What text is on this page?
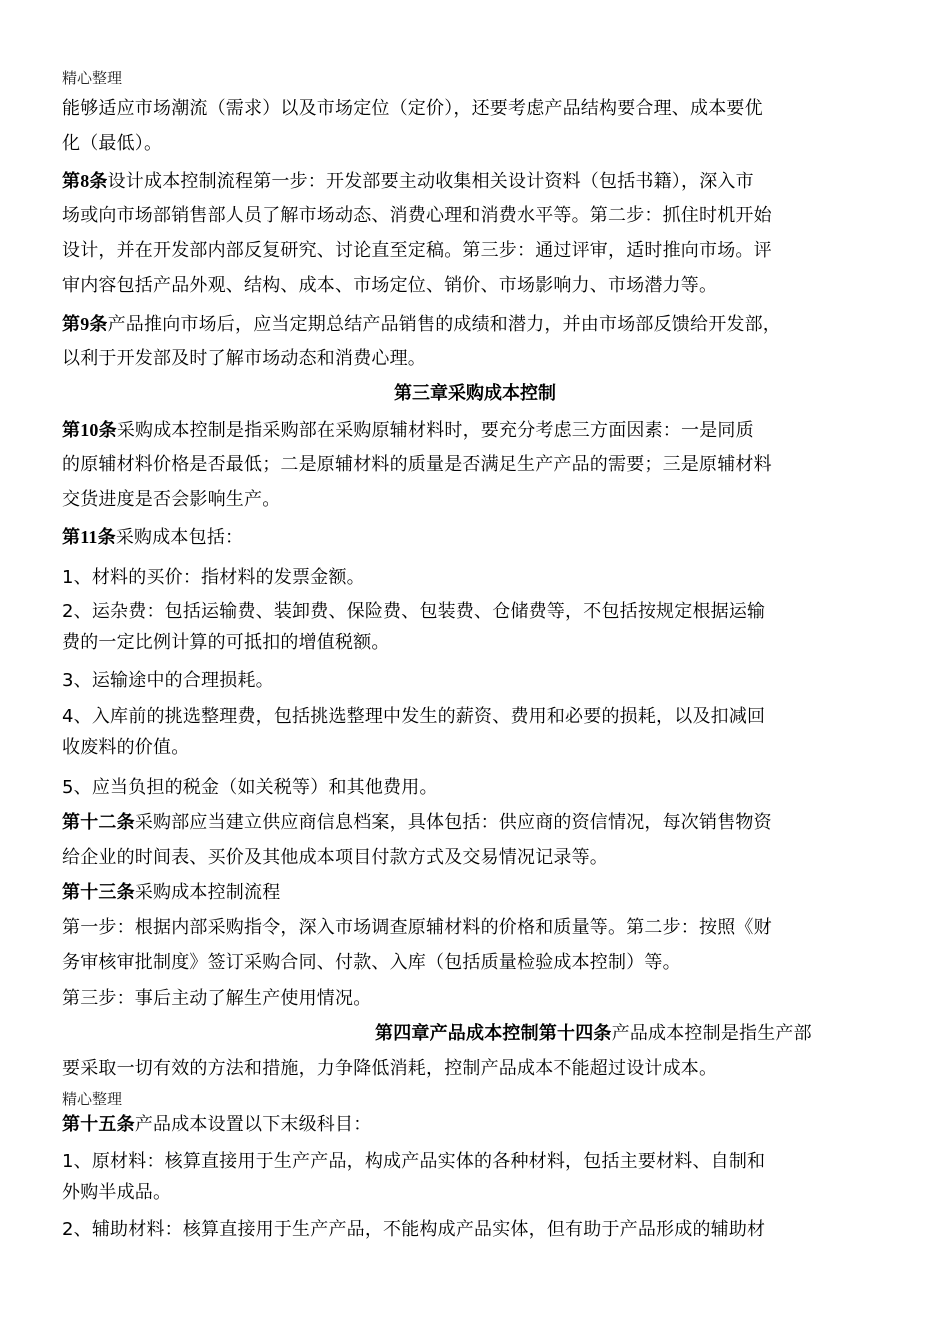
精心整理
能够适应市场潮流（需求）以及市场定位（定价），还要考虑产品结构要合理、成本要优
化（最低）。
第8条设计成本控制流程第一步：开发部要主动收集相关设计资料（包括书籍），深入市
场或向市场部销售部人员了解市场动态、消费心理和消费水平等。第二步：抓住时机开始
设计，并在开发部内部反复研究、讨论直至定稿。第三步：通过评审，适时推向市场。评
审内容包括产品外观、结构、成本、市场定位、销价、市场影响力、市场潜力等。
第9条产品推向市场后，应当定期总结产品销售的成绩和潜力，并由市场部反馈给开发部，
以利于开发部及时了解市场动态和消费心理。
第三章采购成本控制
第10条采购成本控制是指采购部在采购原辅材料时，要充分考虑三方面因素：一是同质
的原辅材料价格是否最低；二是原辅材料的质量是否满足生产产品的需要；三是原辅材料
交货进度是否会影响生产。
第11条采购成本包括：
1、材料的买价：指材料的发票金额。
2、运杂费：包括运输费、装卸费、保险费、包装费、仓储费等，不包括按规定根据运输
费的一定比例计算的可抵扣的增值税额。
3、运输途中的合理损耗。
4、入库前的挑选整理费，包括挑选整理中发生的薪资、费用和必要的损耗，以及扣减回
收废料的价值。
5、应当负担的税金（如关税等）和其他费用。
第十二条采购部应当建立供应商信息档案，具体包括：供应商的资信情况，每次销售物资
给企业的时间表、买价及其他成本项目付款方式及交易情况记录等。
第十三条采购成本控制流程
第一步：根据内部采购指令，深入市场调查原辅材料的价格和质量等。第二步：按照《财
务审核审批制度》签订采购合同、付款、入库（包括质量检验成本控制）等。
第三步：事后主动了解生产使用情况。
第四章产品成本控制第十四条产品成本控制是指生产部
要采取一切有效的方法和措施，力争降低消耗，控制产品成本不能超过设计成本。
精心整理
第十五条产品成本设置以下末级科目：
1、原材料：核算直接用于生产产品，构成产品实体的各种材料，包括主要材料、自制和
外购半成品。
2、辅助材料：核算直接用于生产产品，不能构成产品实体，但有助于产品形成的辅助材
